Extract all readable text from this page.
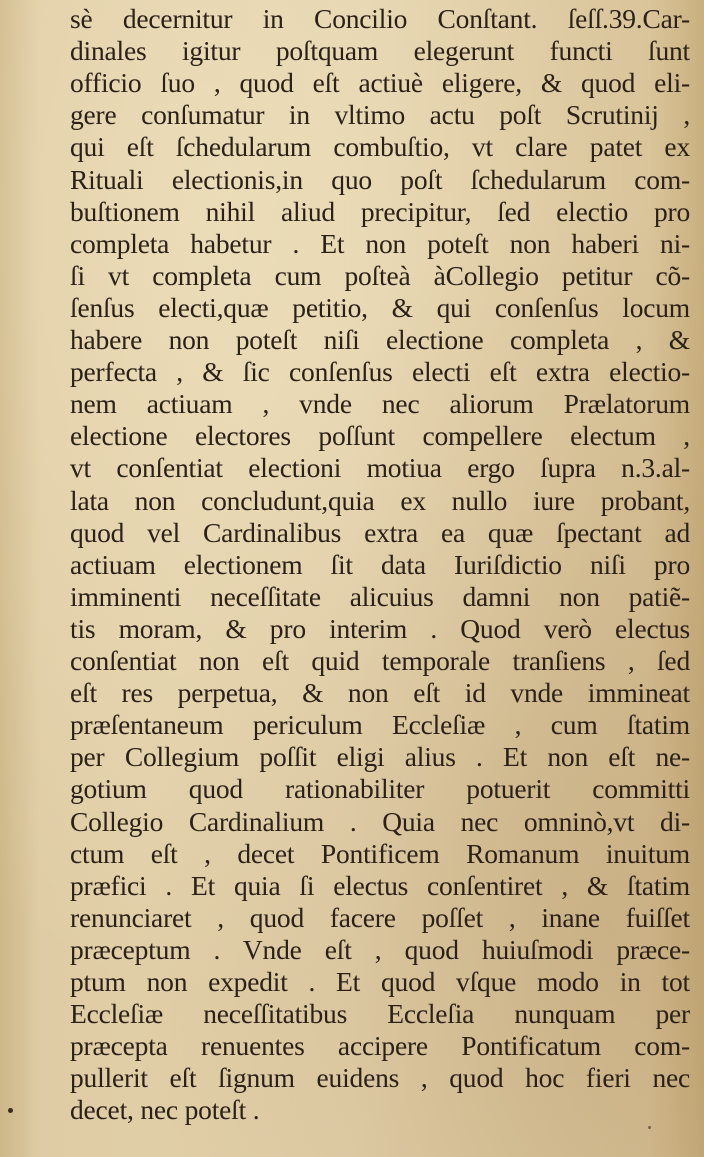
sè decernitur in Concilio Conſtant. ſeſſ.39.Car-
dinales igitur poſtquam elegerunt functi ſunt
officio ſuo , quod eſt actiuè eligere, & quod eli-
gere conſumatur in vltimo actu poſt Scrutinij ,
qui eſt ſchedularum combuſtio, vt clare patet ex
Rituali electionis,in quo poſt ſchedularum com-
buſtionem nihil aliud precipitur, ſed electio pro
completa habetur . Et non poteſt non haberi ni-
ſi vt completa cum poſteà àCollegio petitur cõ-
ſenſus electi,quæ petitio, & qui conſenſus locum
habere non poteſt niſi electione completa , &
perfecta , & ſic conſenſus electi eſt extra electio-
nem actiuam , vnde nec aliorum Prælatorum
electione electores poſſunt compellere electum ,
vt conſentiat electioni motiua ergo ſupra n.3.al-
lata non concludunt,quia ex nullo iure probant,
quod vel Cardinalibus extra ea quæ ſpectant ad
actiuam electionem ſit data Iuriſdictio niſi pro
imminenti neceſſitate alicuius damni non patiẽ-
tis moram, & pro interim . Quod verò electus
conſentiat non eſt quid temporale tranſiens , ſed
eſt res perpetua, & non eſt id vnde immineat
præſentaneum periculum Eccleſiæ , cum ſtatim
per Collegium poſſit eligi alius . Et non eſt ne-
gotium quod rationabiliter potuerit committi
Collegio Cardinalium . Quia nec omninò,vt di-
ctum eſt , decet Pontificem Romanum inuitum
præfici . Et quia ſi electus conſentiret , & ſtatim
renunciaret , quod facere poſſet , inane fuiſſet
præceptum . Vnde eſt , quod huiuſmodi præce-
ptum non expedit . Et quod vſque modo in tot
Eccleſiæ neceſſitatibus Eccleſia nunquam per
præcepta renuentes accipere Pontificatum com-
pullerit eſt ſignum euidens , quod hoc fieri nec
decet, nec poteſt .
